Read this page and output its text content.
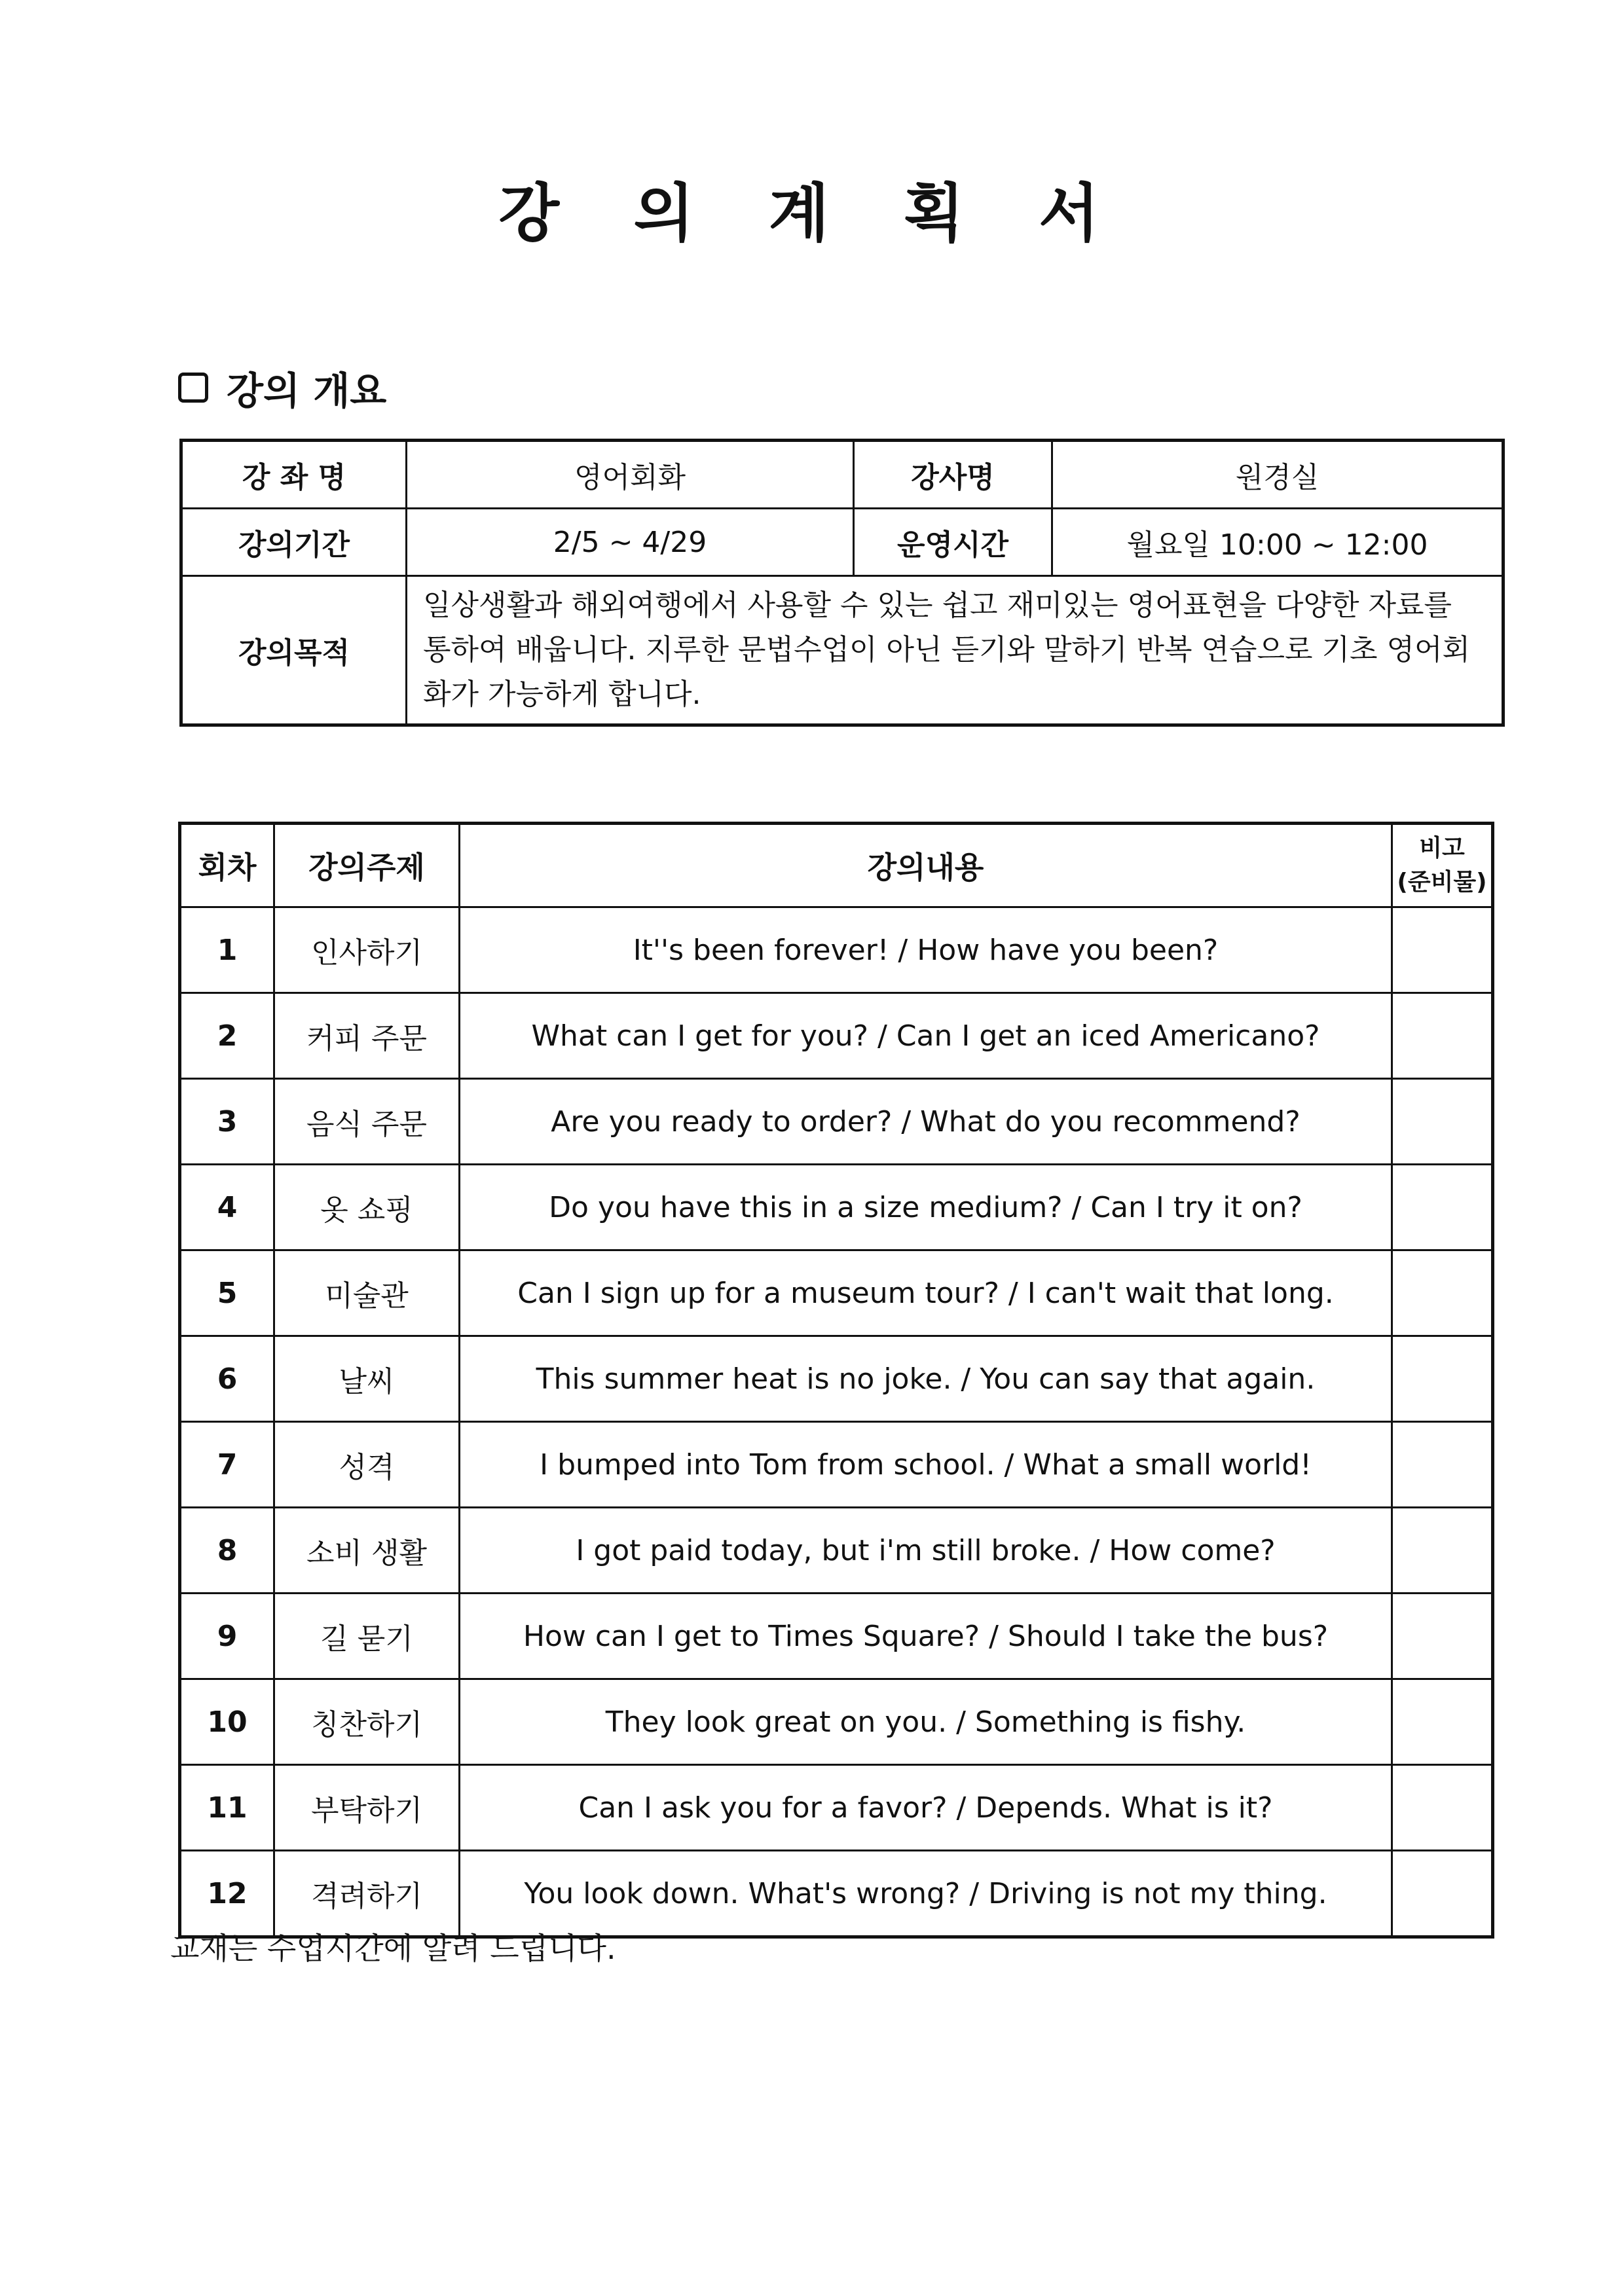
강 의 계 획 서
강의 개요
강 좌 명	영어회화	강사명	원경실
강의기간	2/5 ~ 4/29	운영시간	월요일 10:00 ~ 12:00
강의목적	일상생활과 해외여행에서 사용할 수 있는 쉽고 재미있는 영어표현을 다양한 자료를 통하여 배웁니다. 지루한 문법수업이 아닌 듣기와 말하기 반복 연습으로 기초 영어회화가 가능하게 합니다.		
회차	강의주제	강의내용	비고
(준비물)

1	인사하기	It''s been forever! / How have you been?	
2	커피 주문	What can I get for you? / Can I get an iced Americano?	
3	음식 주문	Are you ready to order? / What do you recommend?	
4	옷 쇼핑	Do you have this in a size medium? / Can I try it on?	
5	미술관	Can I sign up for a museum tour? / I can't wait that long.	
6	날씨	This summer heat is no joke. / You can say that again.	
7	성격	I bumped into Tom from school. / What a small world!	
8	소비 생활	I got paid today, but i'm still broke. / How come?	
9	길 묻기	How can I get to Times Square? / Should I take the bus?	
10	칭찬하기	They look great on you. / Something is fishy.	
11	부탁하기	Can I ask you for a favor? / Depends. What is it?	
12	격려하기	You look down. What's wrong? / Driving is not my thing.	
교재는 수업시간에 알려 드립니다.
